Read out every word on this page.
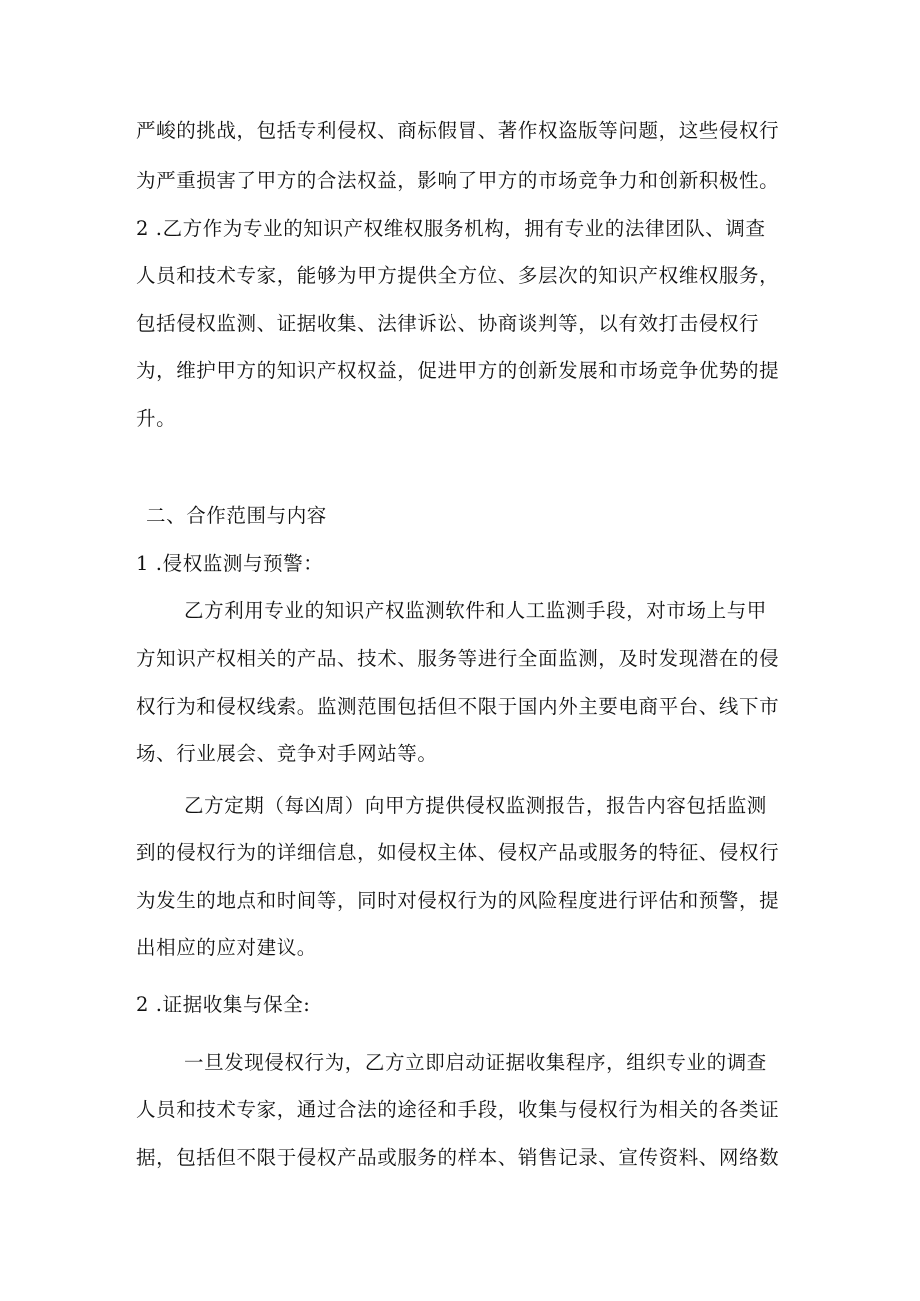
严峻的挑战，包括专利侵权、商标假冒、著作权盗版等问题，这些侵权行

为严重损害了甲方的合法权益，影响了甲方的市场竞争力和创新积极性。

2 .乙方作为专业的知识产权维权服务机构，拥有专业的法律团队、调查

人员和技术专家，能够为甲方提供全方位、多层次的知识产权维权服务，

包括侵权监测、证据收集、法律诉讼、协商谈判等，以有效打击侵权行

为，维护甲方的知识产权权益，促进甲方的创新发展和市场竞争优势的提

升。

二、合作范围与内容

1 .侵权监测与预警：

乙方利用专业的知识产权监测软件和人工监测手段，对市场上与甲

方知识产权相关的产品、技术、服务等进行全面监测，及时发现潜在的侵

权行为和侵权线索。监测范围包括但不限于国内外主要电商平台、线下市

场、行业展会、竞争对手网站等。

乙方定期（每凶周）向甲方提供侵权监测报告，报告内容包括监测

到的侵权行为的详细信息，如侵权主体、侵权产品或服务的特征、侵权行

为发生的地点和时间等，同时对侵权行为的风险程度进行评估和预警，提

出相应的应对建议。

2 .证据收集与保全:

一旦发现侵权行为，乙方立即启动证据收集程序，组织专业的调查

人员和技术专家，通过合法的途径和手段，收集与侵权行为相关的各类证

据，包括但不限于侵权产品或服务的样本、销售记录、宣传资料、网络数
